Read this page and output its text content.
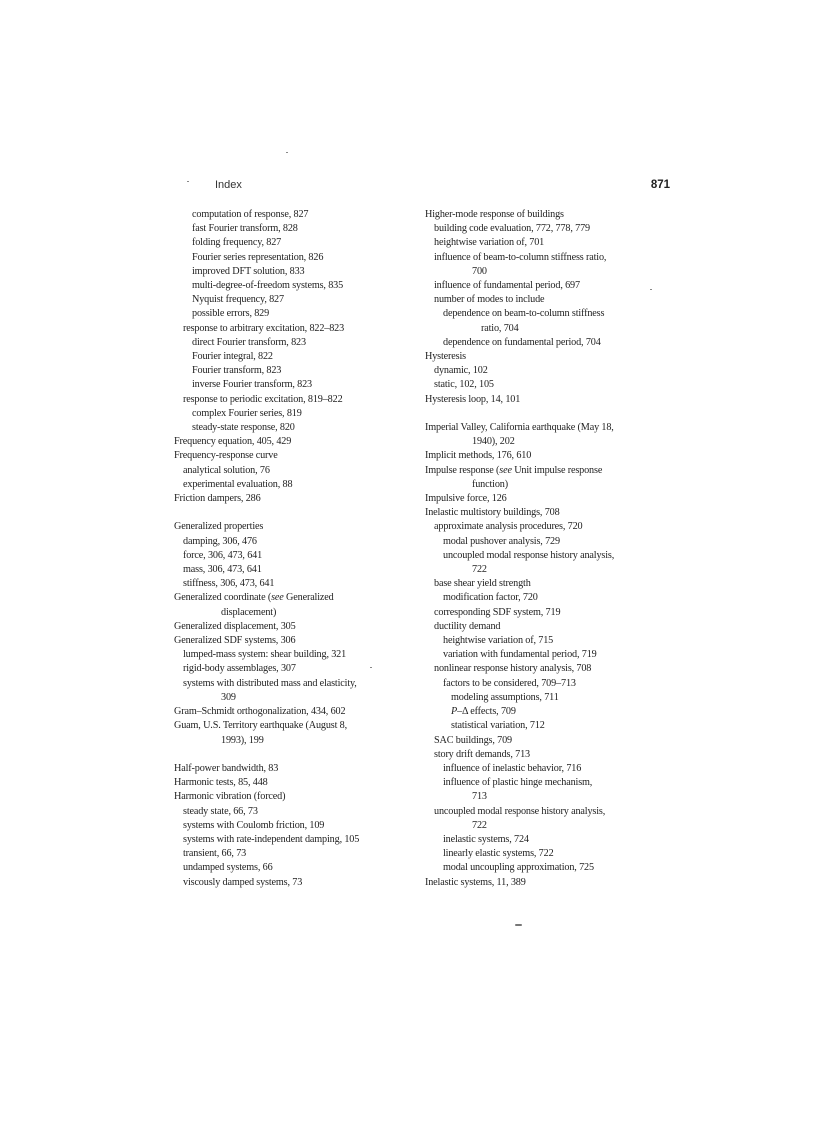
Index	871
computation of response, 827
fast Fourier transform, 828
folding frequency, 827
Fourier series representation, 826
improved DFT solution, 833
multi-degree-of-freedom systems, 835
Nyquist frequency, 827
possible errors, 829
response to arbitrary excitation, 822–823
direct Fourier transform, 823
Fourier integral, 822
Fourier transform, 823
inverse Fourier transform, 823
response to periodic excitation, 819–822
complex Fourier series, 819
steady-state response, 820
Frequency equation, 405, 429
Frequency-response curve
analytical solution, 76
experimental evaluation, 88
Friction dampers, 286
Generalized properties
damping, 306, 476
force, 306, 473, 641
mass, 306, 473, 641
stiffness, 306, 473, 641
Generalized coordinate (see Generalized
displacement)
Generalized displacement, 305
Generalized SDF systems, 306
lumped-mass system: shear building, 321
rigid-body assemblages, 307
systems with distributed mass and elasticity,
309
Gram–Schmidt orthogonalization, 434, 602
Guam, U.S. Territory earthquake (August 8,
1993), 199
Half-power bandwidth, 83
Harmonic tests, 85, 448
Harmonic vibration (forced)
steady state, 66, 73
systems with Coulomb friction, 109
systems with rate-independent damping, 105
transient, 66, 73
undamped systems, 66
viscously damped systems, 73
Higher-mode response of buildings
building code evaluation, 772, 778, 779
heightwise variation of, 701
influence of beam-to-column stiffness ratio,
700
influence of fundamental period, 697
number of modes to include
dependence on beam-to-column stiffness
ratio, 704
dependence on fundamental period, 704
Hysteresis
dynamic, 102
static, 102, 105
Hysteresis loop, 14, 101
Imperial Valley, California earthquake (May 18,
1940), 202
Implicit methods, 176, 610
Impulse response (see Unit impulse response
function)
Impulsive force, 126
Inelastic multistory buildings, 708
approximate analysis procedures, 720
modal pushover analysis, 729
uncoupled modal response history analysis,
722
base shear yield strength
modification factor, 720
corresponding SDF system, 719
ductility demand
heightwise variation of, 715
variation with fundamental period, 719
nonlinear response history analysis, 708
factors to be considered, 709–713
modeling assumptions, 711
P–Δ effects, 709
statistical variation, 712
SAC buildings, 709
story drift demands, 713
influence of inelastic behavior, 716
influence of plastic hinge mechanism,
713
uncoupled modal response history analysis,
722
inelastic systems, 724
linearly elastic systems, 722
modal uncoupling approximation, 725
Inelastic systems, 11, 389
